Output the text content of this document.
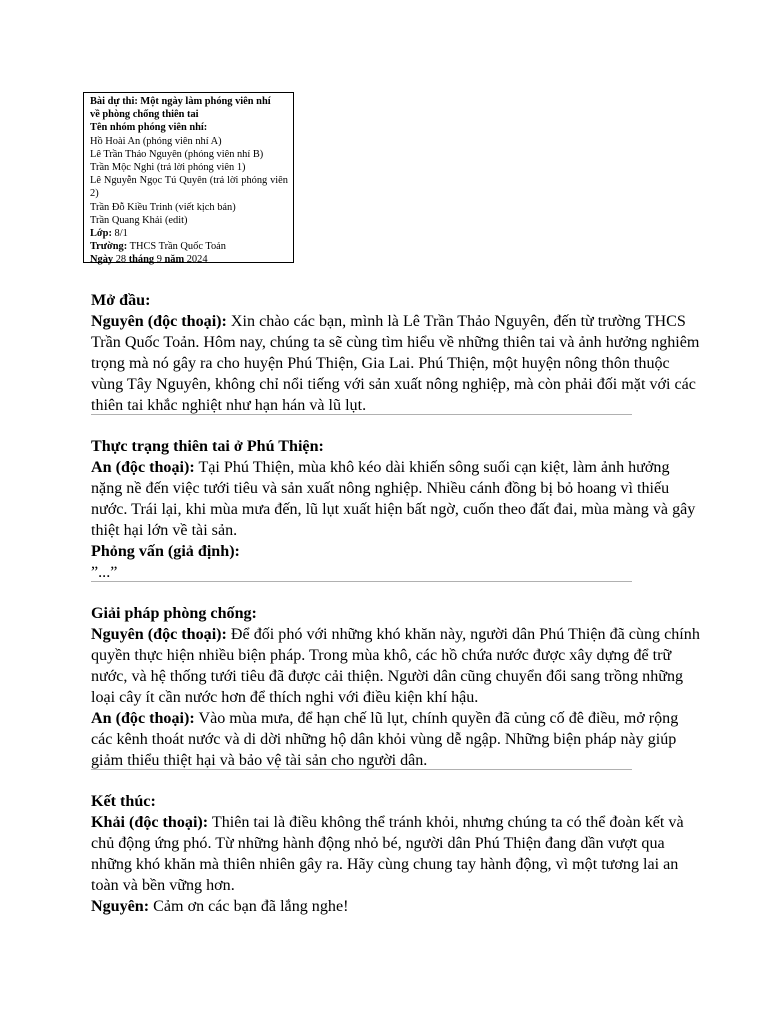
Bài dự thi: Một ngày làm phóng viên nhí
về phòng chống thiên tai
Tên nhóm phóng viên nhí:
Hồ Hoài An (phóng viên nhí A)
Lê Trần Thảo Nguyên (phóng viên nhí B)
Trần Mộc Nghi (trả lời phóng viên 1)
Lê Nguyễn Ngọc Tú Quyên (trả lời phóng viên 2)
Trần Đỗ Kiều Trinh (viết kịch bản)
Trần Quang Khải (edit)
Lớp: 8/1
Trường: THCS Trần Quốc Toản
Ngày 28 tháng 9 năm 2024
Mở đầu:

Nguyên (độc thoại): Xin chào các bạn, mình là Lê Trần Thảo Nguyên, đến từ trường THCS Trần Quốc Toản. Hôm nay, chúng ta sẽ cùng tìm hiểu về những thiên tai và ảnh hưởng nghiêm trọng mà nó gây ra cho huyện Phú Thiện, Gia Lai. Phú Thiện, một huyện nông thôn thuộc vùng Tây Nguyên, không chỉ nổi tiếng với sản xuất nông nghiệp, mà còn phải đối mặt với các thiên tai khắc nghiệt như hạn hán và lũ lụt.

Thực trạng thiên tai ở Phú Thiện:

An (độc thoại): Tại Phú Thiện, mùa khô kéo dài khiến sông suối cạn kiệt, làm ảnh hưởng nặng nề đến việc tưới tiêu và sản xuất nông nghiệp. Nhiều cánh đồng bị bỏ hoang vì thiếu nước. Trái lại, khi mùa mưa đến, lũ lụt xuất hiện bất ngờ, cuốn theo đất đai, mùa màng và gây thiệt hại lớn về tài sản.

Phỏng vấn (giả định):

”...”

Giải pháp phòng chống:

Nguyên (độc thoại): Để đối phó với những khó khăn này, người dân Phú Thiện đã cùng chính quyền thực hiện nhiều biện pháp. Trong mùa khô, các hồ chứa nước được xây dựng để trữ nước, và hệ thống tưới tiêu đã được cải thiện. Người dân cũng chuyển đổi sang trồng những loại cây ít cần nước hơn để thích nghi với điều kiện khí hậu.

An (độc thoại): Vào mùa mưa, để hạn chế lũ lụt, chính quyền đã củng cố đê điều, mở rộng các kênh thoát nước và di dời những hộ dân khỏi vùng dễ ngập. Những biện pháp này giúp giảm thiểu thiệt hại và bảo vệ tài sản cho người dân.

Kết thúc:

Khải (độc thoại): Thiên tai là điều không thể tránh khỏi, nhưng chúng ta có thể đoàn kết và chủ động ứng phó. Từ những hành động nhỏ bé, người dân Phú Thiện đang dần vượt qua những khó khăn mà thiên nhiên gây ra. Hãy cùng chung tay hành động, vì một tương lai an toàn và bền vững hơn.

Nguyên: Cảm ơn các bạn đã lắng nghe!
